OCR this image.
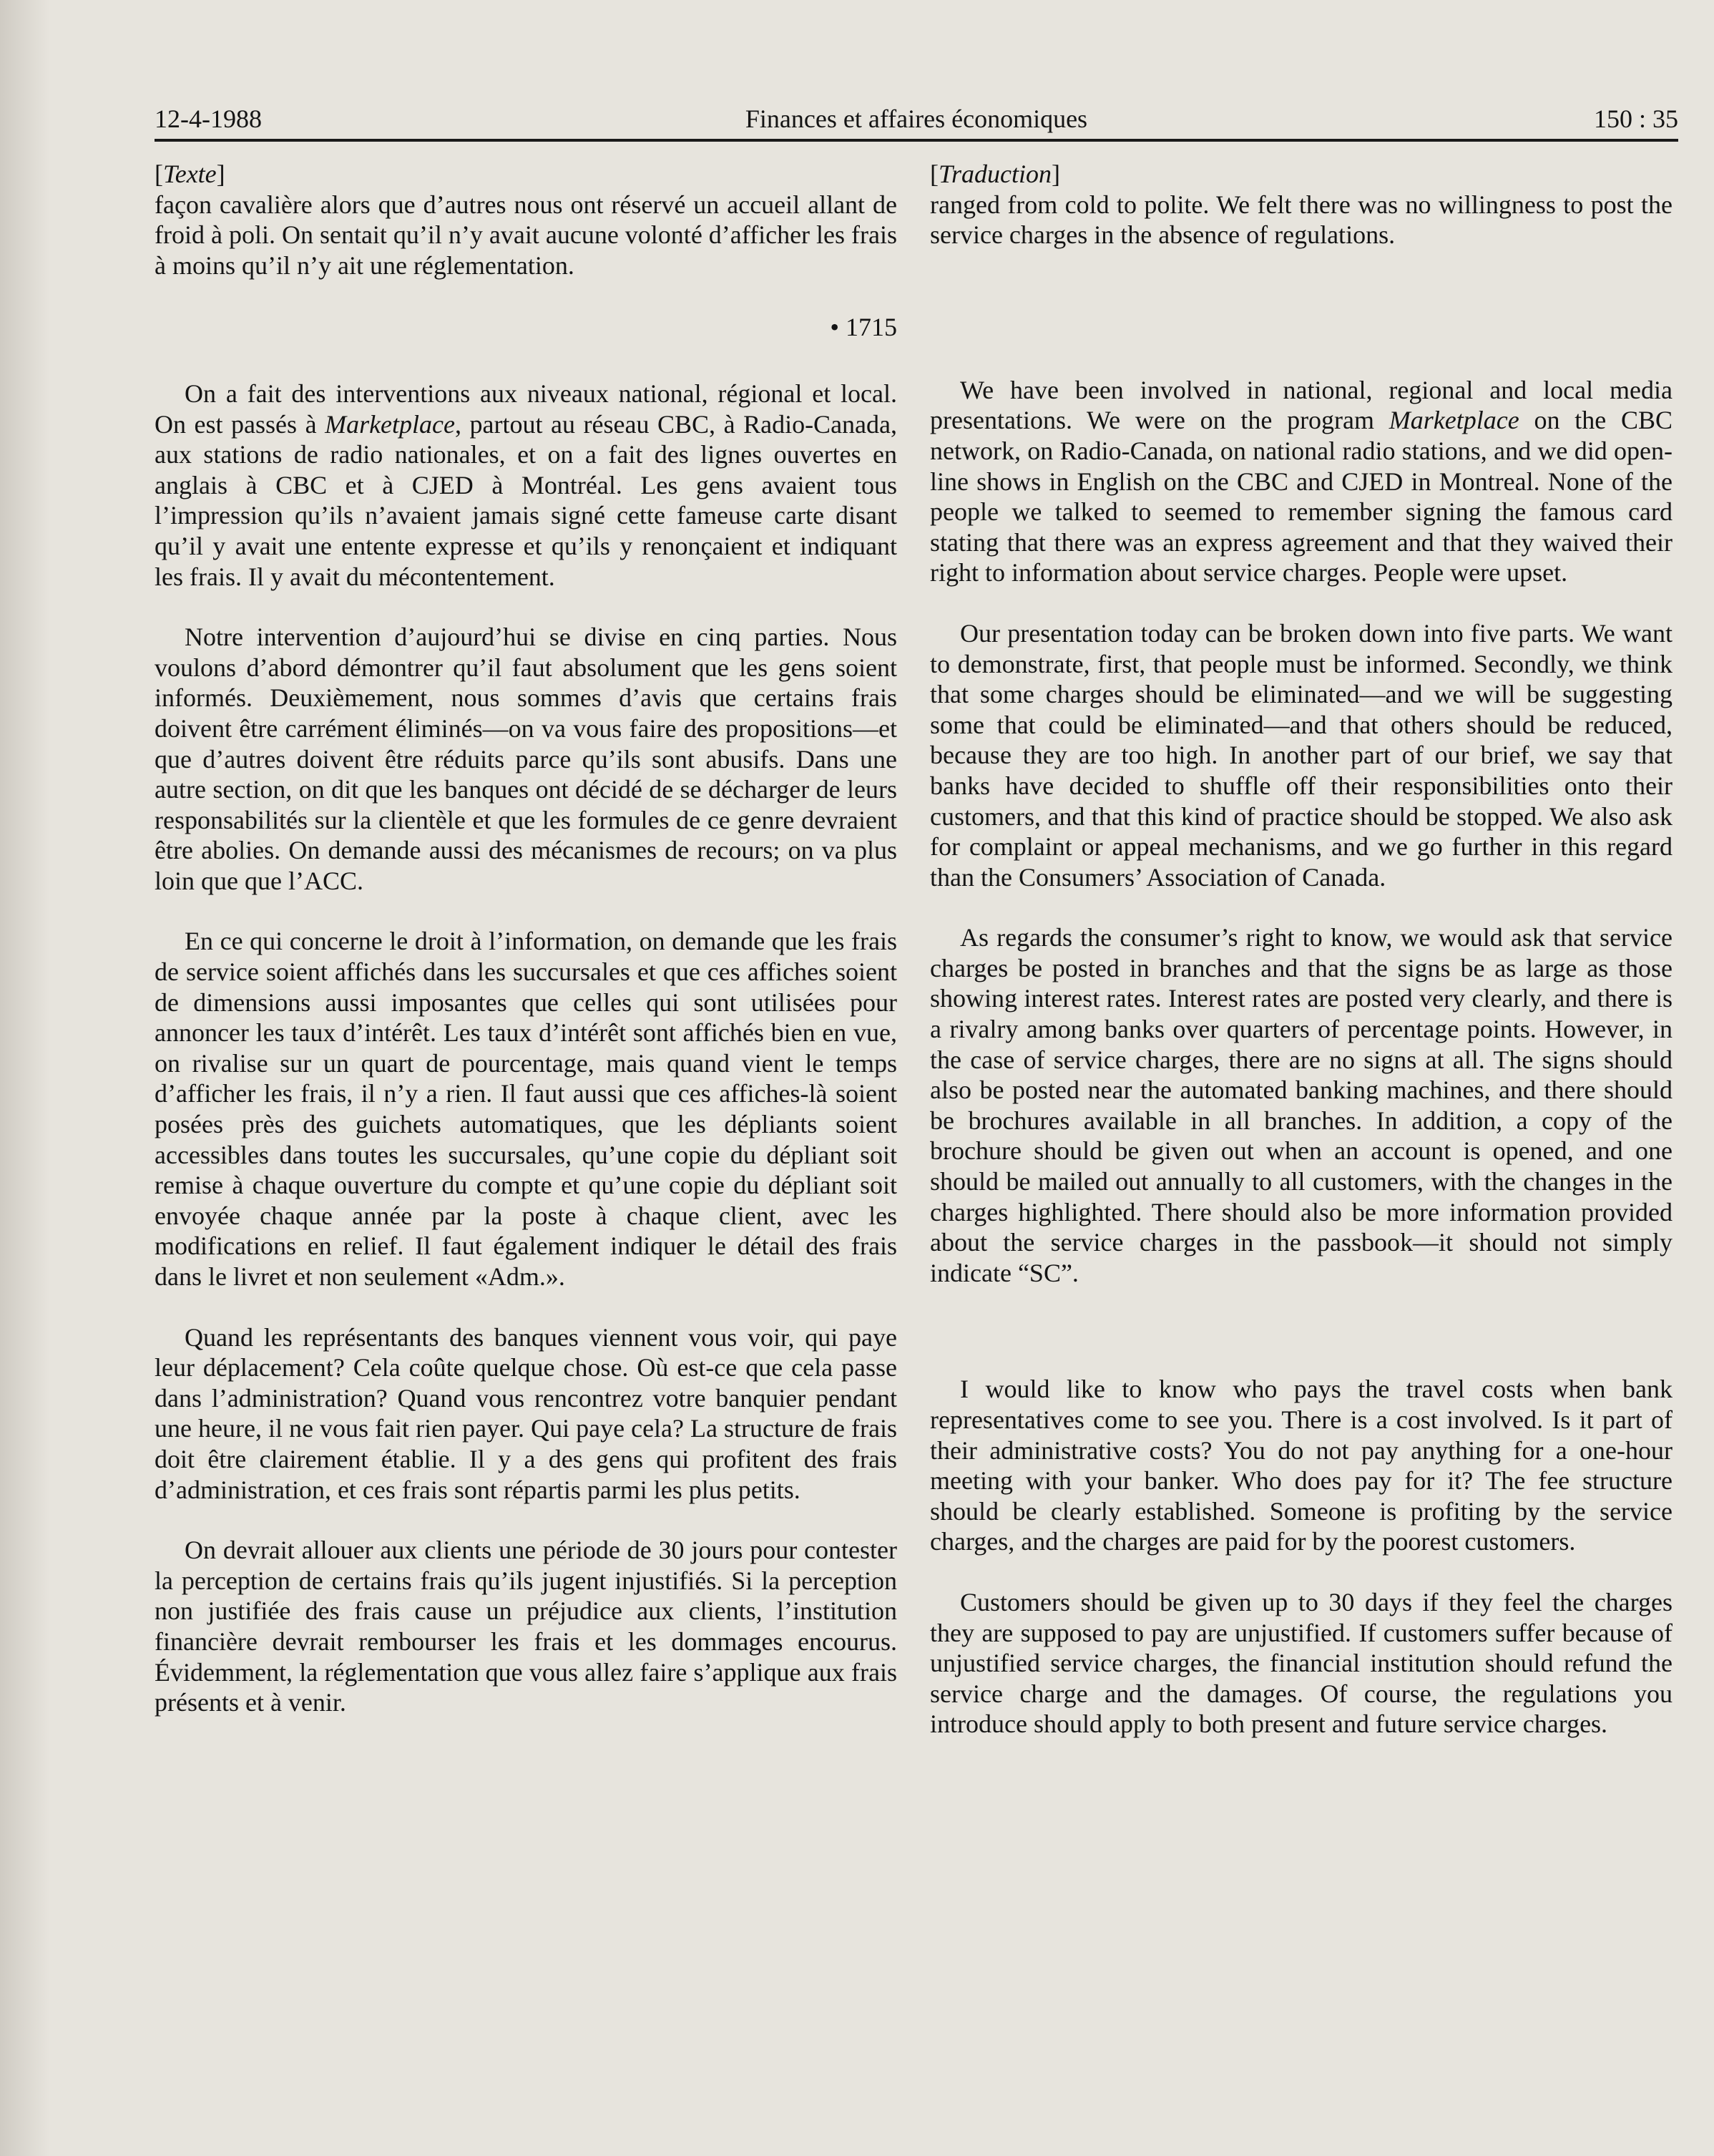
12-4-1988	Finances et affaires économiques	150 : 35
[Texte]

façon cavalière alors que d’autres nous ont réservé un accueil allant de froid à poli. On sentait qu’il n’y avait aucune volonté d’afficher les frais à moins qu’il n’y ait une réglementation.

• 1715

On a fait des interventions aux niveaux national, régional et local. On est passés à Marketplace, partout au réseau CBC, à Radio-Canada, aux stations de radio nationales, et on a fait des lignes ouvertes en anglais à CBC et à CJED à Montréal. Les gens avaient tous l’impression qu’ils n’avaient jamais signé cette fameuse carte disant qu’il y avait une entente expresse et qu’ils y renonçaient et indiquant les frais. Il y avait du mécontentement.

Notre intervention d’aujourd’hui se divise en cinq parties. Nous voulons d’abord démontrer qu’il faut absolument que les gens soient informés. Deuxièmement, nous sommes d’avis que certains frais doivent être carrément éliminés—on va vous faire des propositions—et que d’autres doivent être réduits parce qu’ils sont abusifs. Dans une autre section, on dit que les banques ont décidé de se décharger de leurs responsabilités sur la clientèle et que les formules de ce genre devraient être abolies. On demande aussi des mécanismes de recours; on va plus loin que que l’ACC.

En ce qui concerne le droit à l’information, on demande que les frais de service soient affichés dans les succursales et que ces affiches soient de dimensions aussi imposantes que celles qui sont utilisées pour annoncer les taux d’intérêt. Les taux d’intérêt sont affichés bien en vue, on rivalise sur un quart de pourcentage, mais quand vient le temps d’afficher les frais, il n’y a rien. Il faut aussi que ces affiches-là soient posées près des guichets automatiques, que les dépliants soient accessibles dans toutes les succursales, qu’une copie du dépliant soit remise à chaque ouverture du compte et qu’une copie du dépliant soit envoyée chaque année par la poste à chaque client, avec les modifications en relief. Il faut également indiquer le détail des frais dans le livret et non seulement «Adm.».

Quand les représentants des banques viennent vous voir, qui paye leur déplacement? Cela coûte quelque chose. Où est-ce que cela passe dans l’administration? Quand vous rencontrez votre banquier pendant une heure, il ne vous fait rien payer. Qui paye cela? La structure de frais doit être clairement établie. Il y a des gens qui profitent des frais d’administration, et ces frais sont répartis parmi les plus petits.

On devrait allouer aux clients une période de 30 jours pour contester la perception de certains frais qu’ils jugent injustifiés. Si la perception non justifiée des frais cause un préjudice aux clients, l’institution financière devrait rembourser les frais et les dommages encourus. Évidemment, la réglementation que vous allez faire s’applique aux frais présents et à venir.

[Traduction]

ranged from cold to polite. We felt there was no willingness to post the service charges in the absence of regulations.

We have been involved in national, regional and local media presentations. We were on the program Marketplace on the CBC network, on Radio-Canada, on national radio stations, and we did open-line shows in English on the CBC and CJED in Montreal. None of the people we talked to seemed to remember signing the famous card stating that there was an express agreement and that they waived their right to information about service charges. People were upset.

Our presentation today can be broken down into five parts. We want to demonstrate, first, that people must be informed. Secondly, we think that some charges should be eliminated—and we will be suggesting some that could be eliminated—and that others should be reduced, because they are too high. In another part of our brief, we say that banks have decided to shuffle off their responsibilities onto their customers, and that this kind of practice should be stopped. We also ask for complaint or appeal mechanisms, and we go further in this regard than the Consumers’ Association of Canada.

As regards the consumer’s right to know, we would ask that service charges be posted in branches and that the signs be as large as those showing interest rates. Interest rates are posted very clearly, and there is a rivalry among banks over quarters of percentage points. However, in the case of service charges, there are no signs at all. The signs should also be posted near the automated banking machines, and there should be brochures available in all branches. In addition, a copy of the brochure should be given out when an account is opened, and one should be mailed out annually to all customers, with the changes in the charges highlighted. There should also be more information provided about the service charges in the passbook—it should not simply indicate “SC”.

I would like to know who pays the travel costs when bank representatives come to see you. There is a cost involved. Is it part of their administrative costs? You do not pay anything for a one-hour meeting with your banker. Who does pay for it? The fee structure should be clearly established. Someone is profiting by the service charges, and the charges are paid for by the poorest customers.

Customers should be given up to 30 days if they feel the charges they are supposed to pay are unjustified. If customers suffer because of unjustified service charges, the financial institution should refund the service charge and the damages. Of course, the regulations you introduce should apply to both present and future service charges.
